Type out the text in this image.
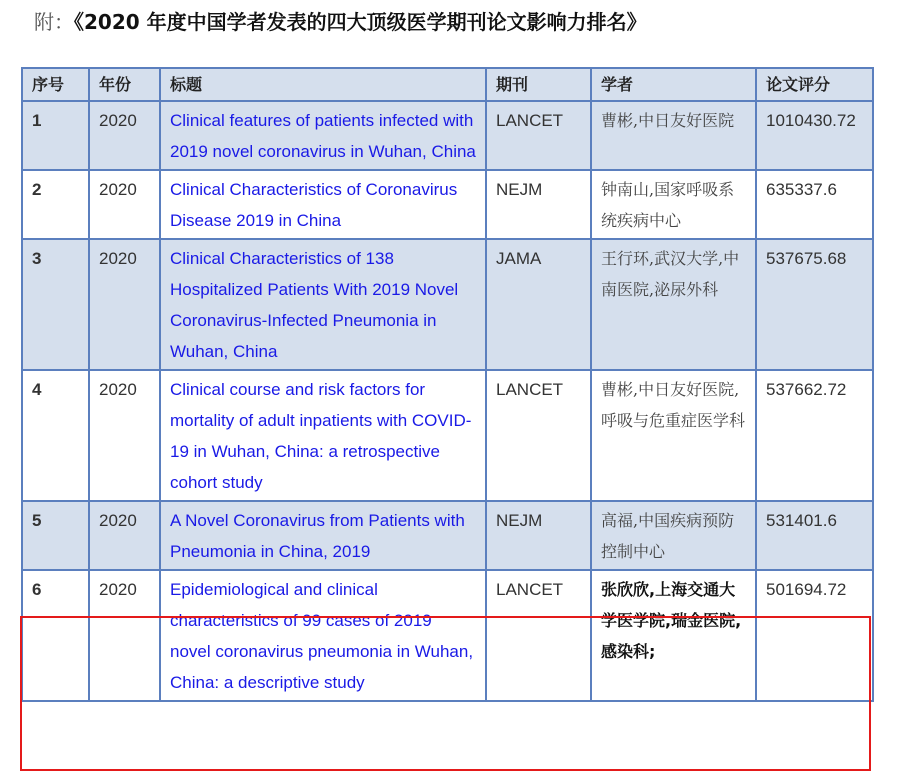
附：《2020 年度中国学者发表的四大顶级医学期刊论文影响力排名》
序号	年份	标题	期刊	学者	论文评分
1	2020	Clinical features of patients infected with 2019 novel coronavirus in Wuhan, China	LANCET	曹彬,中日友好医院	1010430.72
2	2020	Clinical Characteristics of Coronavirus Disease 2019 in China	NEJM	钟南山,国家呼吸系统疾病中心	635337.6
3	2020	Clinical Characteristics of 138 Hospitalized Patients With 2019 Novel Coronavirus-Infected Pneumonia in Wuhan, China	JAMA	王行环,武汉大学,中南医院,泌尿外科	537675.68
4	2020	Clinical course and risk factors for mortality of adult inpatients with COVID-19 in Wuhan, China: a retrospective cohort study	LANCET	曹彬,中日友好医院,呼吸与危重症医学科	537662.72
5	2020	A Novel Coronavirus from Patients with Pneumonia in China, 2019	NEJM	高福,中国疾病预防控制中心	531401.6
6	2020	Epidemiological and clinical characteristics of 99 cases of 2019 novel coronavirus pneumonia in Wuhan, China: a descriptive study	LANCET	张欣欣,上海交通大学医学院,瑞金医院,感染科;	501694.72
